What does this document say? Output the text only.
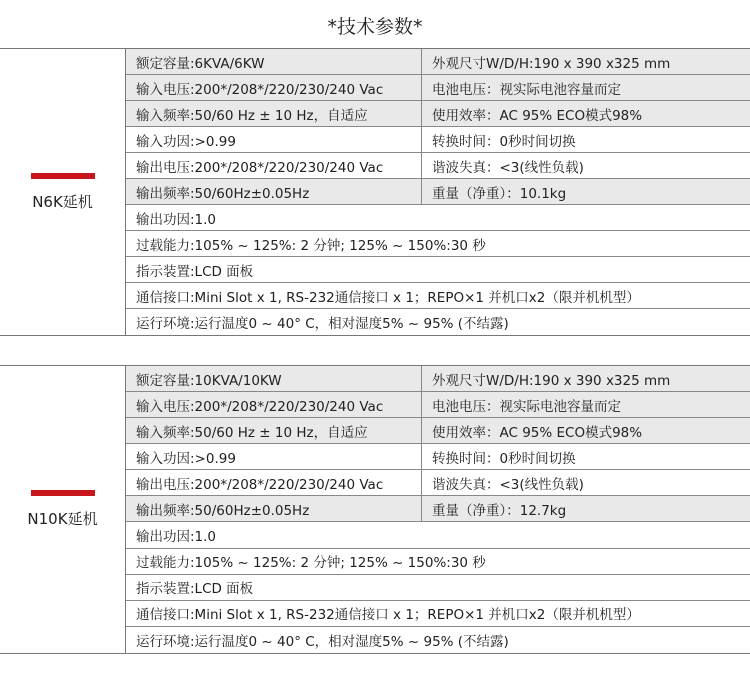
*技术参数*
N6K延机
额定容量:6KVA/6KW	外观尺寸W/D/H:190 x 390 x325 mm
输入电压:200*/208*/220/230/240 Vac	电池电压：视实际电池容量而定
输入频率:50/60 Hz ± 10 Hz，自适应	使用效率：AC 95% ECO模式98%
输入功因:>0.99	转换时间：0秒时间切换
输出电压:200*/208*/220/230/240 Vac	谐波失真：<3(线性负载)
输出频率:50/60Hz±0.05Hz	重量（净重）：10.1kg
输出功因:1.0
过载能力:105% ~ 125%: 2 分钟; 125% ~ 150%:30 秒
指示装置:LCD 面板
通信接口:Mini Slot x 1, RS-232通信接口 x 1；REPO×1 并机口x2（限并机机型）
运行环境:运行温度0 ~ 40° C，相对湿度5% ~ 95% (不结露)
N10K延机
额定容量:10KVA/10KW	外观尺寸W/D/H:190 x 390 x325 mm
输入电压:200*/208*/220/230/240 Vac	电池电压：视实际电池容量而定
输入频率:50/60 Hz ± 10 Hz，自适应	使用效率：AC 95% ECO模式98%
输入功因:>0.99	转换时间：0秒时间切换
输出电压:200*/208*/220/230/240 Vac	谐波失真：<3(线性负载)
输出频率:50/60Hz±0.05Hz	重量（净重）：12.7kg
输出功因:1.0
过载能力:105% ~ 125%: 2 分钟; 125% ~ 150%:30 秒
指示装置:LCD 面板
通信接口:Mini Slot x 1, RS-232通信接口 x 1；REPO×1 并机口x2（限并机机型）
运行环境:运行温度0 ~ 40° C，相对湿度5% ~ 95% (不结露)
